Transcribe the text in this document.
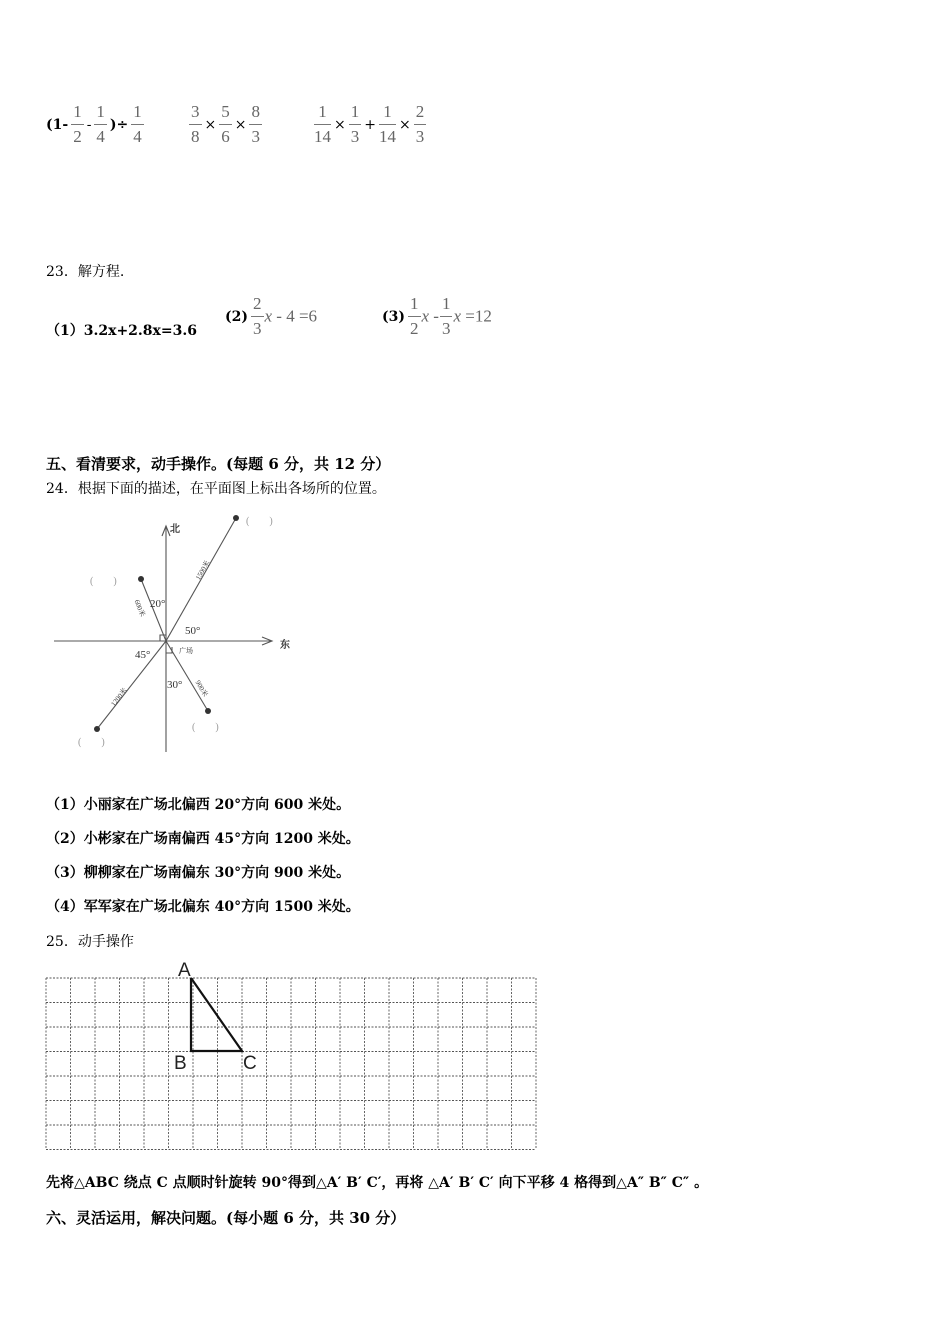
($1- \frac{1}{2} - \frac{1}{4}$ )÷ $\frac{1}{4}$	$\frac{3}{8} \times \frac{5}{6} \times \frac{8}{3}$	$\frac{1}{14} \times \frac{1}{3} + \frac{1}{14} \times \frac{2}{3}$
23．解方程.
（1）3.2x+2.8x=3.6
$(2) \frac{2}{3}$ x - 4 =6	$(3) \frac{1}{2}$ x - $\frac{1}{3}$ x =12
五、看清要求，动手操作。(每题 6 分，共 12 分）
24．根据下面的描述，在平面图上标出各场所的位置。
北
东
广场
20°
50°
45°
30°
600米
1500米
1200米	900米
(　　)
(　　)
(　　)
(　　)
（1）小丽家在广场北偏西 20°方向 600 米处。
（2）小彬家在广场南偏西 45°方向 1200 米处。
（3）柳柳家在广场南偏东 30°方向 900 米处。
（4）军军家在广场北偏东 40°方向 1500 米处。
25．动手操作
A
B	C
先将△ABC 绕点 C 点顺时针旋转 90°得到△A′ B′ C′，再将 △A′ B′ C′ 向下平移 4 格得到△A″ B″ C″ 。
六、灵活运用，解决问题。(每小题 6 分，共 30 分）
